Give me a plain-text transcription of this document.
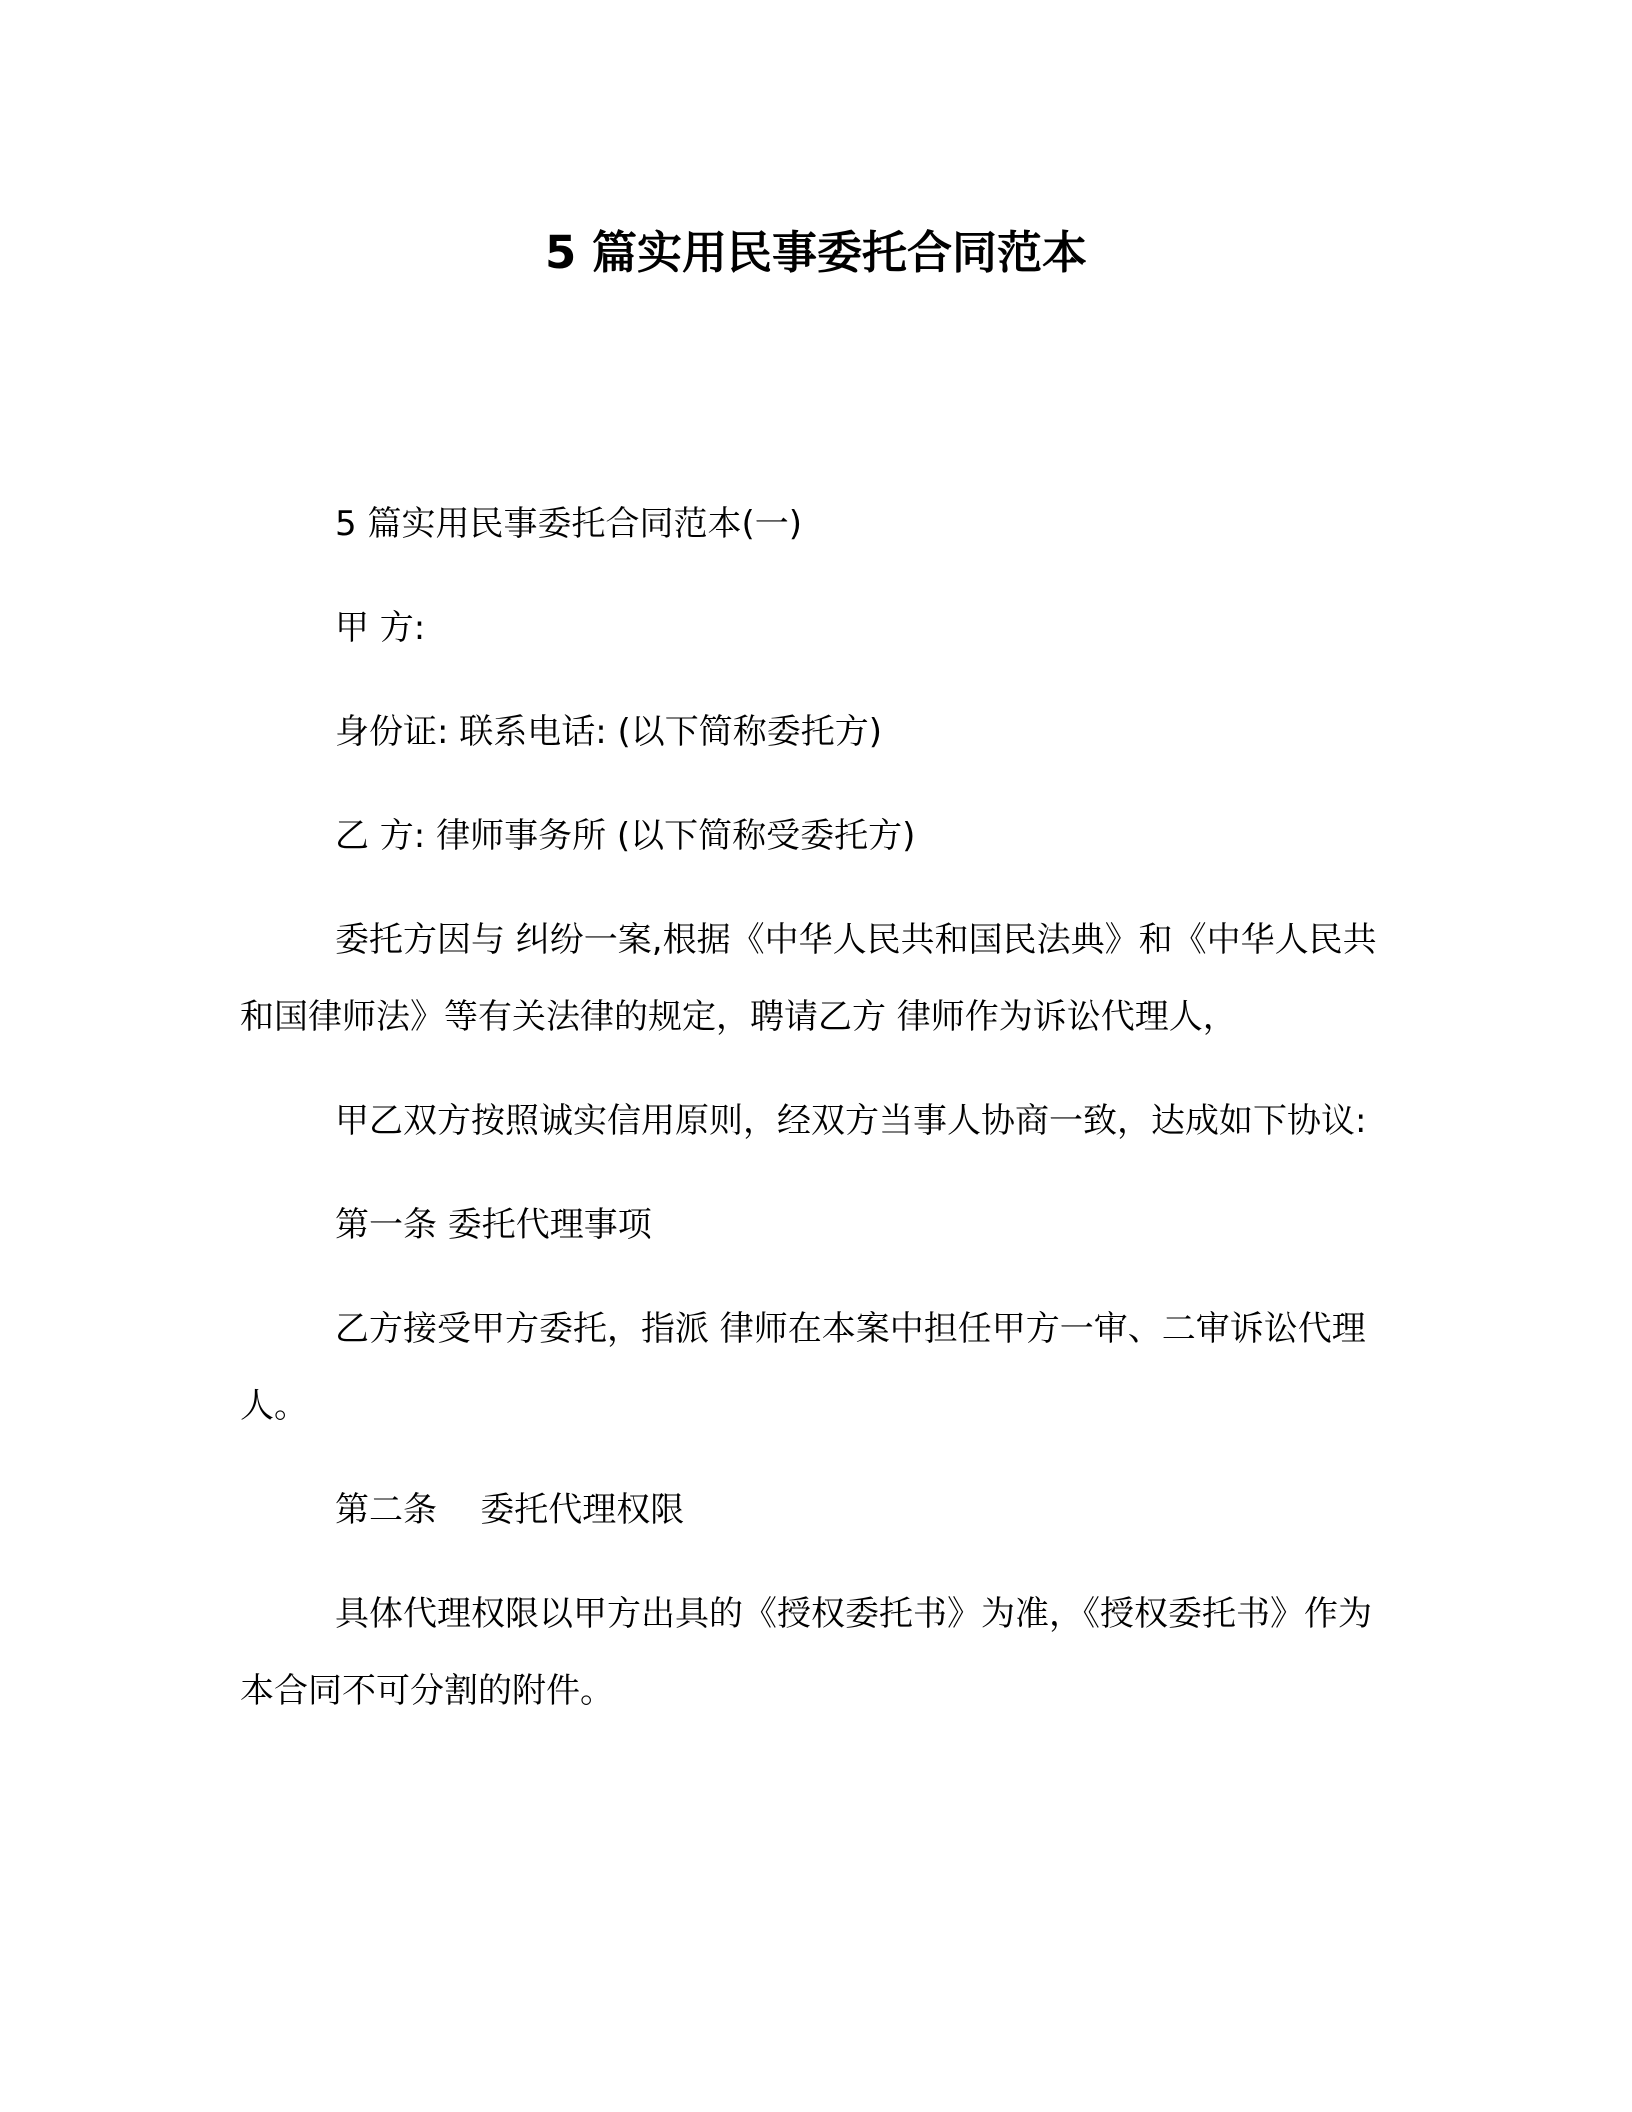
5 篇实用民事委托合同范本

5 篇实用民事委托合同范本(一)

甲 方:

身份证: 联系电话: (以下简称委托方)

乙 方: 律师事务所 (以下简称受委托方)

委托方因与 纠纷一案,根据《中华人民共和国民法典》和《中华人民共和国律师法》等有关法律的规定，聘请乙方 律师作为诉讼代理人，

甲乙双方按照诚实信用原则，经双方当事人协商一致，达成如下协议:

第一条 委托代理事项

乙方接受甲方委托，指派 律师在本案中担任甲方一审、二审诉讼代理人。

第二条    委托代理权限

具体代理权限以甲方出具的《授权委托书》为准，《授权委托书》作为本合同不可分割的附件。
